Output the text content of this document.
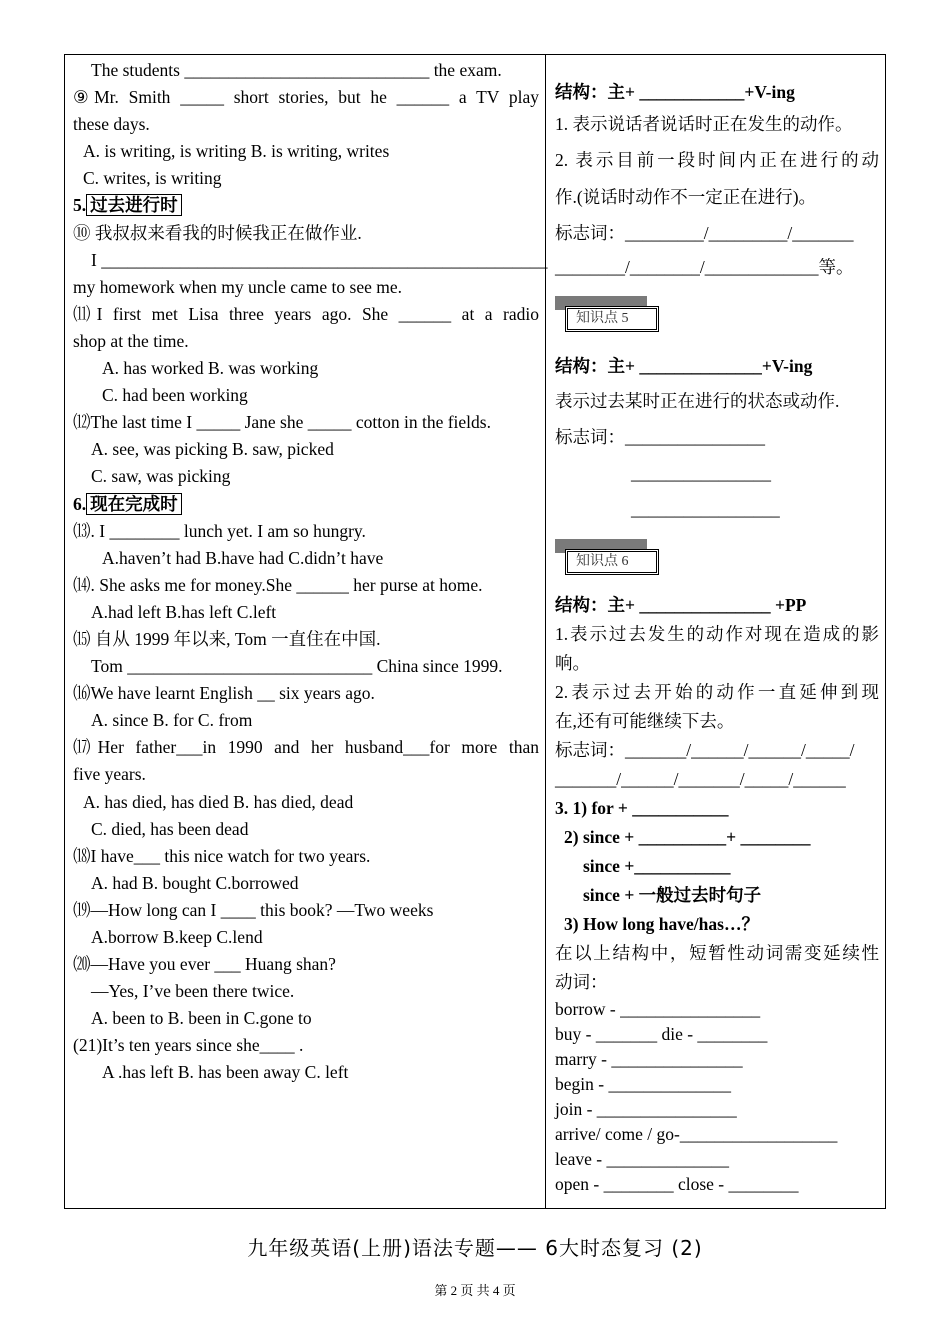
The students ____________________________ the exam.
⑨Mr. Smith _____ short stories, but he ______ a TV play
these days.
A. is writing, is writing B. is writing, writes
C. writes, is writing
5. 过去进行时
⑩ 我叔叔来看我的时候我正在做作业.
I ___________________________________________________
my homework when my uncle came to see me.
⑾I first met Lisa three years ago. She ______ at a radio
shop at the time.
A. has worked B. was working
C. had been working
⑿The last time I _____ Jane she _____ cotton in the fields.
A. see, was picking B. saw, picked
C. saw, was picking
6. 现在完成时
⒀. I ________ lunch yet. I am so hungry.
A.haven’t had B.have had C.didn’t have
⒁. She asks me for money.She ______ her purse at home.
A.had left B.has left C.left
⒂ 自从 1999 年以来, Tom 一直住在中国.
Tom ____________________________ China since 1999.
⒃We have learnt English __ six years ago.
A. since B. for C. from
⒄Her father___in 1990 and her husband___for more than
five years.
A. has died, has died B. has died, dead
C. died, has been dead
⒅I have___ this nice watch for two years.
A. had B. bought C.borrowed
⒆—How long can I ____ this book? —Two weeks
A.borrow B.keep C.lend
⒇—Have you ever ___ Huang shan?
—Yes, I’ve been there twice.
A. been to B. been in C.gone to
(21)It’s ten years since she____ .
A .has left B. has been away C. left
结构：主+ ____________+V-ing
1. 表示说话者说话时正在发生的动作。
2. 表示目前一段时间内正在进行的动
作.(说话时动作不一定正在进行)。
标志词：_________/_________/_______
________/________/_____________等。
知识点 5
结构：主+ ______________+V-ing
表示过去某时正在进行的状态或动作.
标志词：________________
________________
_________________
知识点 6
结构：主+ _______________ +PP
1.表示过去发生的动作对现在造成的影
响。
2.表示过去开始的动作一直延伸到现
在,还有可能继续下去。
标志词：_______/______/______/_____/
_______/______/_______/_____/______
3. 1) for + ___________
2) since + __________+ ________
since +___________
since + 一般过去时句子
3) How long have/has…？
在以上结构中，短暂性动词需变延续性
动词：
borrow - ________________
buy - _______ die - ________
marry - _______________
begin - ______________
join - ________________
arrive/ come / go-__________________
leave - ______________
open - ________ close - ________
九年级英语(上册)语法专题—— 6大时态复习 (2)
第 2 页 共 4 页
